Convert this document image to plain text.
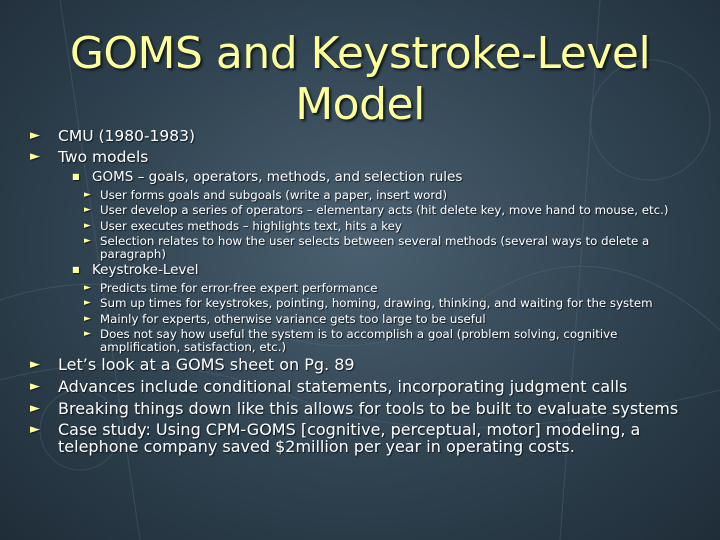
GOMS and Keystroke-Level Model
► CMU (1980-1983)
► Two models
■ GOMS – goals, operators, methods, and selection rules
► User forms goals and subgoals (write a paper, insert word)
► User develop a series of operators – elementary acts (hit delete key, move hand to mouse, etc.)
► User executes methods – highlights text, hits a key
► Selection relates to how the user selects between several methods (several ways to delete a paragraph)
■ Keystroke-Level
► Predicts time for error-free expert performance
► Sum up times for keystrokes, pointing, homing, drawing, thinking, and waiting for the system
► Mainly for experts, otherwise variance gets too large to be useful
► Does not say how useful the system is to accomplish a goal (problem solving, cognitive amplification, satisfaction, etc.)
► Let’s look at a GOMS sheet on Pg. 89
► Advances include conditional statements, incorporating judgment calls
► Breaking things down like this allows for tools to be built to evaluate systems
► Case study: Using CPM-GOMS [cognitive, perceptual, motor] modeling, a telephone company saved $2million per year in operating costs.
